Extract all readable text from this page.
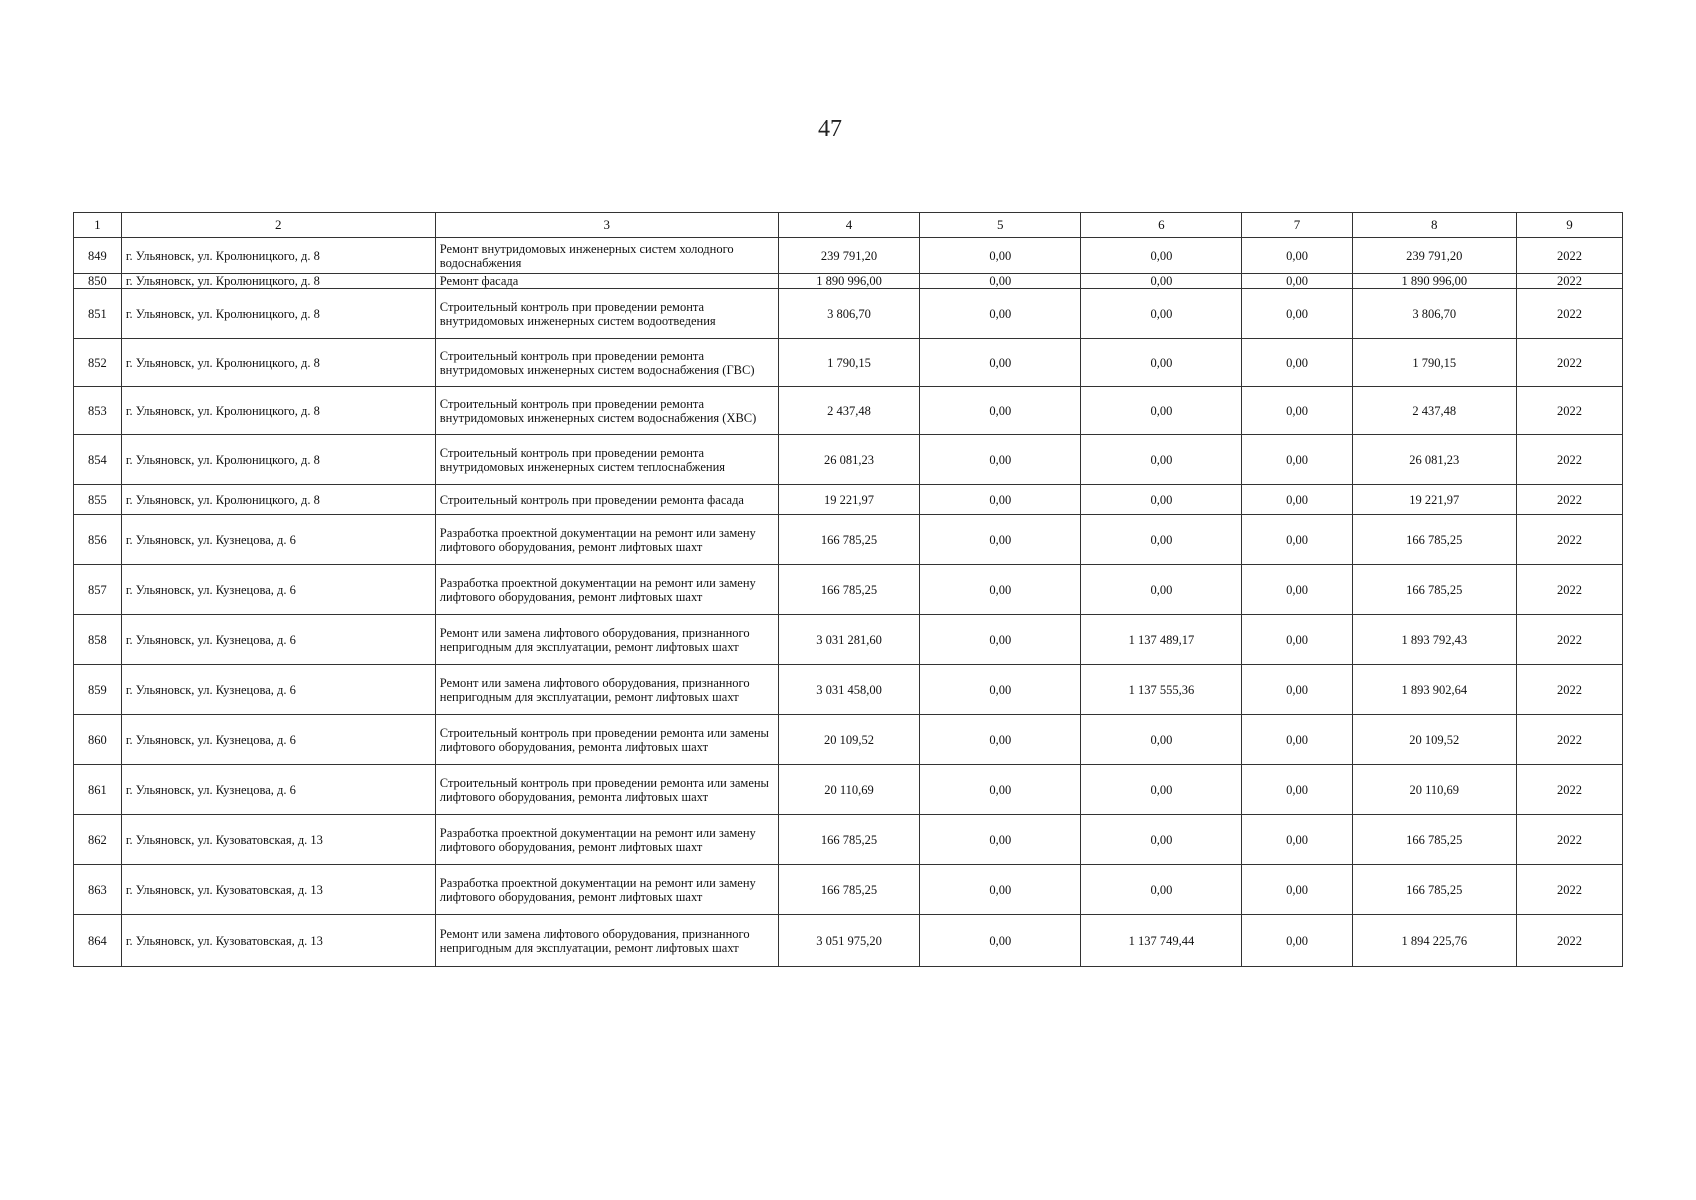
47
1	2	3	4	5	6	7	8	9
849	г. Ульяновск, ул. Кролюницкого, д. 8	Ремонт внутридомовых инженерных систем холодного водоснабжения	239 791,20	0,00	0,00	0,00	239 791,20	2022
850	г. Ульяновск, ул. Кролюницкого, д. 8	Ремонт фасада	1 890 996,00	0,00	0,00	0,00	1 890 996,00	2022
851	г. Ульяновск, ул. Кролюницкого, д. 8	Строительный контроль при проведении ремонта внутридомовых инженерных систем водоотведения	3 806,70	0,00	0,00	0,00	3 806,70	2022
852	г. Ульяновск, ул. Кролюницкого, д. 8	Строительный контроль при проведении ремонта внутридомовых инженерных систем водоснабжения (ГВС)	1 790,15	0,00	0,00	0,00	1 790,15	2022
853	г. Ульяновск, ул. Кролюницкого, д. 8	Строительный контроль при проведении ремонта внутридомовых инженерных систем водоснабжения (ХВС)	2 437,48	0,00	0,00	0,00	2 437,48	2022
854	г. Ульяновск, ул. Кролюницкого, д. 8	Строительный контроль при проведении ремонта внутридомовых инженерных систем теплоснабжения	26 081,23	0,00	0,00	0,00	26 081,23	2022
855	г. Ульяновск, ул. Кролюницкого, д. 8	Строительный контроль при проведении ремонта фасада	19 221,97	0,00	0,00	0,00	19 221,97	2022
856	г. Ульяновск, ул. Кузнецова, д. 6	Разработка проектной документации на ремонт или замену лифтового оборудования, ремонт лифтовых шахт	166 785,25	0,00	0,00	0,00	166 785,25	2022
857	г. Ульяновск, ул. Кузнецова, д. 6	Разработка проектной документации на ремонт или замену лифтового оборудования, ремонт лифтовых шахт	166 785,25	0,00	0,00	0,00	166 785,25	2022
858	г. Ульяновск, ул. Кузнецова, д. 6	Ремонт или замена лифтового оборудования, признанного непригодным для эксплуатации, ремонт лифтовых шахт	3 031 281,60	0,00	1 137 489,17	0,00	1 893 792,43	2022
859	г. Ульяновск, ул. Кузнецова, д. 6	Ремонт или замена лифтового оборудования, признанного непригодным для эксплуатации, ремонт лифтовых шахт	3 031 458,00	0,00	1 137 555,36	0,00	1 893 902,64	2022
860	г. Ульяновск, ул. Кузнецова, д. 6	Строительный контроль при проведении ремонта или замены лифтового оборудования, ремонта лифтовых шахт	20 109,52	0,00	0,00	0,00	20 109,52	2022
861	г. Ульяновск, ул. Кузнецова, д. 6	Строительный контроль при проведении ремонта или замены лифтового оборудования, ремонта лифтовых шахт	20 110,69	0,00	0,00	0,00	20 110,69	2022
862	г. Ульяновск, ул. Кузоватовская, д. 13	Разработка проектной документации на ремонт или замену лифтового оборудования, ремонт лифтовых шахт	166 785,25	0,00	0,00	0,00	166 785,25	2022
863	г. Ульяновск, ул. Кузоватовская, д. 13	Разработка проектной документации на ремонт или замену лифтового оборудования, ремонт лифтовых шахт	166 785,25	0,00	0,00	0,00	166 785,25	2022
864	г. Ульяновск, ул. Кузоватовская, д. 13	Ремонт или замена лифтового оборудования, признанного непригодным для эксплуатации, ремонт лифтовых шахт	3 051 975,20	0,00	1 137 749,44	0,00	1 894 225,76	2022
